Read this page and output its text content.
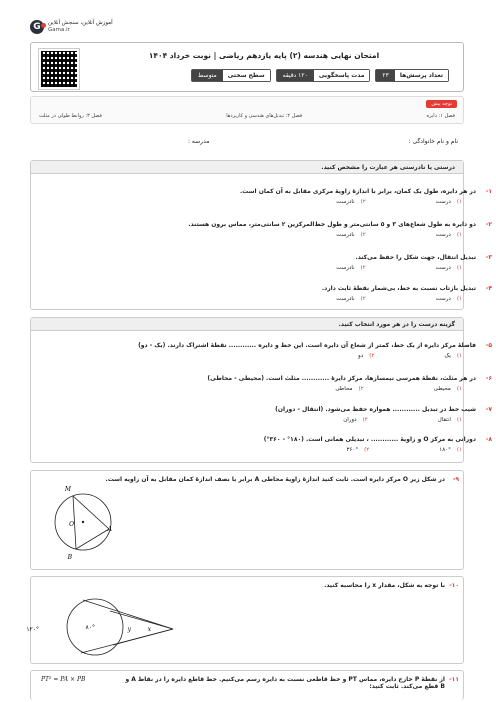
G	آموزش آنلاین، سنجش آنلاین
Gama.ir
امتحان نهایی هندسه (۲) پایه یازدهم ریاضی | نوبت خرداد ۱۴۰۴
تعداد پرسش‌ها
۲۳
مدت پاسخگویی
۱۲۰ دقیقه
سطح سختی
متوسط
توجه بیش
فصل ۱: دایره
فصل ۲: تبدیل‌های هندسی و کاربردها
فصل ۳: روابط طولی در مثلث
نام و نام خانوادگی :
مدرسه :
درستی یا نادرستی هر عبارت را مشخص کنید.
۱-
در هر دایره، طول یک کمان، برابر با اندازهٔ زاویهٔ مرکزی مقابل به آن کمان است.
۱)درست
۲)نادرست
۲-
دو دایره به طول شعاع‌های ۳ و ۵ سانتی‌متر و طول خط‌المرکزین ۲ سانتی‌متر، مماس برون هستند.
۱)درست
۲)نادرست
۳-
تبدیل انتقال، جهت شکل را حفظ می‌کند.
۱)درست
۲)نادرست
۴-
تبدیل بازتاب نسبت به خط، بی‌شمار نقطهٔ ثابت دارد.
۱)درست
۲)نادرست
گزینه درست را در هر مورد انتخاب کنید.
۵-
فاصلهٔ مرکز دایره از یک خط، کمتر از شعاع آن دایره است. این خط و دایره ............ نقطهٔ اشتراک دارند. (یک - دو)
۱)یک
۲)دو
۶-
در هر مثلث، نقطهٔ همرسی نیمسازها، مرکز دایرهٔ ............ مثلث است. (محیطی - محاطی)
۱)محیطی
۲)محاطی
۷-
شیب خط در تبدیل ............ همواره حفظ می‌شود. (انتقال - دوران)
۱)انتقال
۲)دوران
۸-
دورانی به مرکز O و زاویهٔ ............ ، تبدیلی همانی است. (۱۸۰° - ۳۶۰°)
۱)۱۸۰°
۲)۳۶۰°
۹-
در شکل زیر O مرکز دایره است. ثابت کنید اندازهٔ زاویهٔ محاطی A برابر با نصف اندازهٔ کمان مقابل به آن زاویه است.
M
O
A
B
۱۰-
با توجه به شکل، مقدار x را محاسبه کنید.
۱۲۰°	۸۰°	y	x
۱۱-
از نقطهٔ P خارج دایره، مماس PT و خط قاطعی نسبت به دایره رسم می‌کنیم. خط قاطع دایره را در نقاط A و B قطع می‌کند. ثابت کنید:
PT² = PA × PB
